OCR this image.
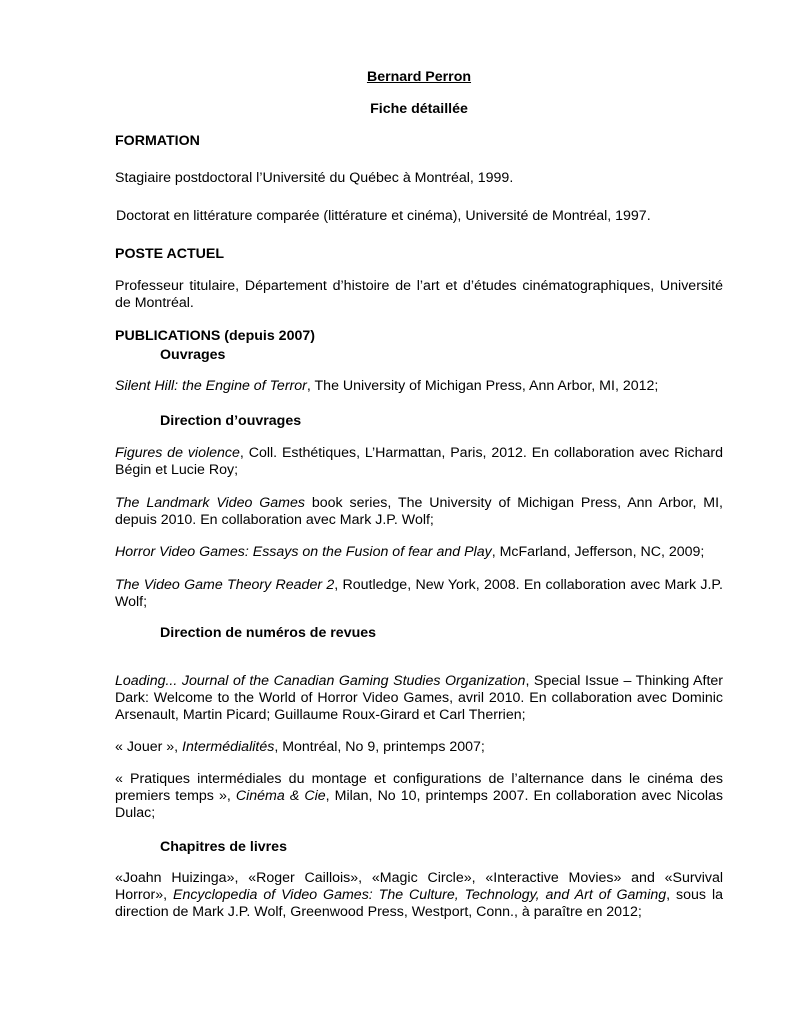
Bernard Perron
Fiche détaillée
FORMATION
Stagiaire postdoctoral l’Université du Québec à Montréal, 1999.
Doctorat en littérature comparée (littérature et cinéma), Université de Montréal, 1997.
POSTE ACTUEL
Professeur titulaire, Département d’histoire de l’art et d’études cinématographiques, Université de Montréal.
PUBLICATIONS (depuis 2007)
Ouvrages
Silent Hill: the Engine of Terror, The University of Michigan Press, Ann Arbor, MI, 2012;
Direction d’ouvrages
Figures de violence, Coll. Esthétiques, L’Harmattan, Paris, 2012. En collaboration avec Richard Bégin et Lucie Roy;
The Landmark Video Games book series, The University of Michigan Press, Ann Arbor, MI, depuis 2010. En collaboration avec Mark J.P. Wolf;
Horror Video Games: Essays on the Fusion of fear and Play, McFarland, Jefferson, NC, 2009;
The Video Game Theory Reader 2, Routledge, New York, 2008. En collaboration avec Mark J.P. Wolf;
Direction de numéros de revues
Loading... Journal of the Canadian Gaming Studies Organization, Special Issue – Thinking After Dark: Welcome to the World of Horror Video Games, avril 2010. En collaboration avec Dominic Arsenault, Martin Picard; Guillaume Roux-Girard et Carl Therrien;
« Jouer », Intermédialités, Montréal, No 9, printemps 2007;
« Pratiques intermédiales du montage et configurations de l’alternance dans le cinéma des premiers temps », Cinéma & Cie, Milan, No 10, printemps 2007. En collaboration avec Nicolas Dulac;
Chapitres de livres
«Joahn Huizinga», «Roger Caillois», «Magic Circle», «Interactive Movies» and «Survival Horror», Encyclopedia of Video Games: The Culture, Technology, and Art of Gaming, sous la direction de Mark J.P. Wolf, Greenwood Press, Westport, Conn., à paraître en 2012;
